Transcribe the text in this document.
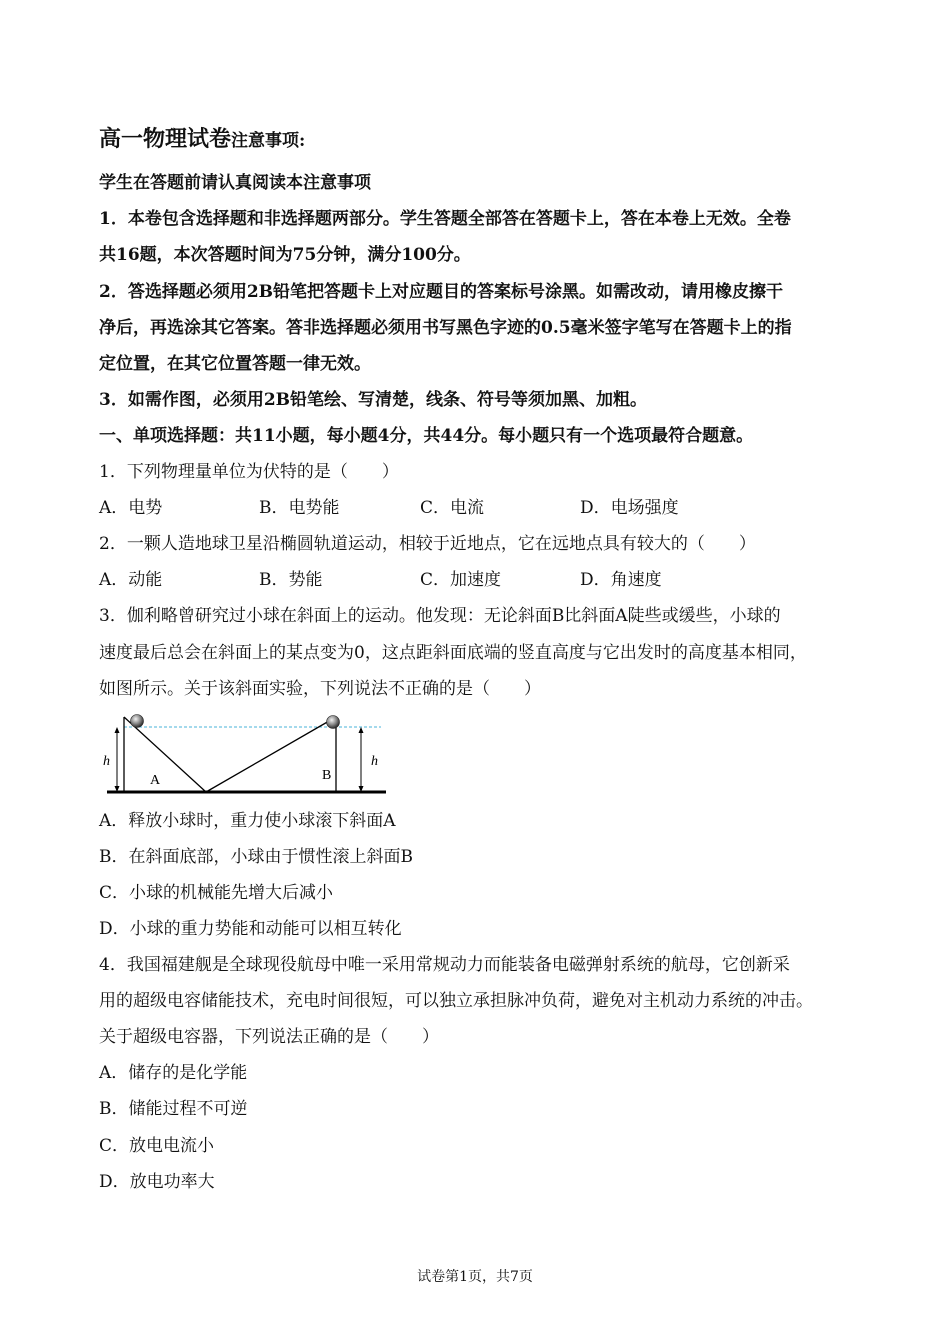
高一物理试卷注意事项:
学生在答题前请认真阅读本注意事项
1．本卷包含选择题和非选择题两部分。学生答题全部答在答题卡上，答在本卷上无效。全卷
共16题，本次答题时间为75分钟，满分100分。
2．答选择题必须用2B铅笔把答题卡上对应题目的答案标号涂黑。如需改动，请用橡皮擦干
净后，再选涂其它答案。答非选择题必须用书写黑色字迹的0.5毫米签字笔写在答题卡上的指
定位置，在其它位置答题一律无效。
3．如需作图，必须用2B铅笔绘、写清楚，线条、符号等须加黑、加粗。
一、单项选择题：共11小题，每小题4分，共44分。每小题只有一个选项最符合题意。
1．下列物理量单位为伏特的是（　　）
A．电势	B．电势能	C．电流	D．电场强度
2．一颗人造地球卫星沿椭圆轨道运动，相较于近地点，它在远地点具有较大的（　　）
A．动能	B．势能	C．加速度	D．角速度
3．伽利略曾研究过小球在斜面上的运动。他发现：无论斜面B比斜面A陡些或缓些，小球的
速度最后总会在斜面上的某点变为0，这点距斜面底端的竖直高度与它出发时的高度基本相同，
如图所示。关于该斜面实验，下列说法不正确的是（　　）
h	h
A	B
A．释放小球时，重力使小球滚下斜面A
B．在斜面底部，小球由于惯性滚上斜面B
C．小球的机械能先增大后减小
D．小球的重力势能和动能可以相互转化
4．我国福建舰是全球现役航母中唯一采用常规动力而能装备电磁弹射系统的航母，它创新采
用的超级电容储能技术，充电时间很短，可以独立承担脉冲负荷，避免对主机动力系统的冲击。
关于超级电容器，下列说法正确的是（　　）
A．储存的是化学能
B．储能过程不可逆
C．放电电流小
D．放电功率大
试卷第1页，共7页
